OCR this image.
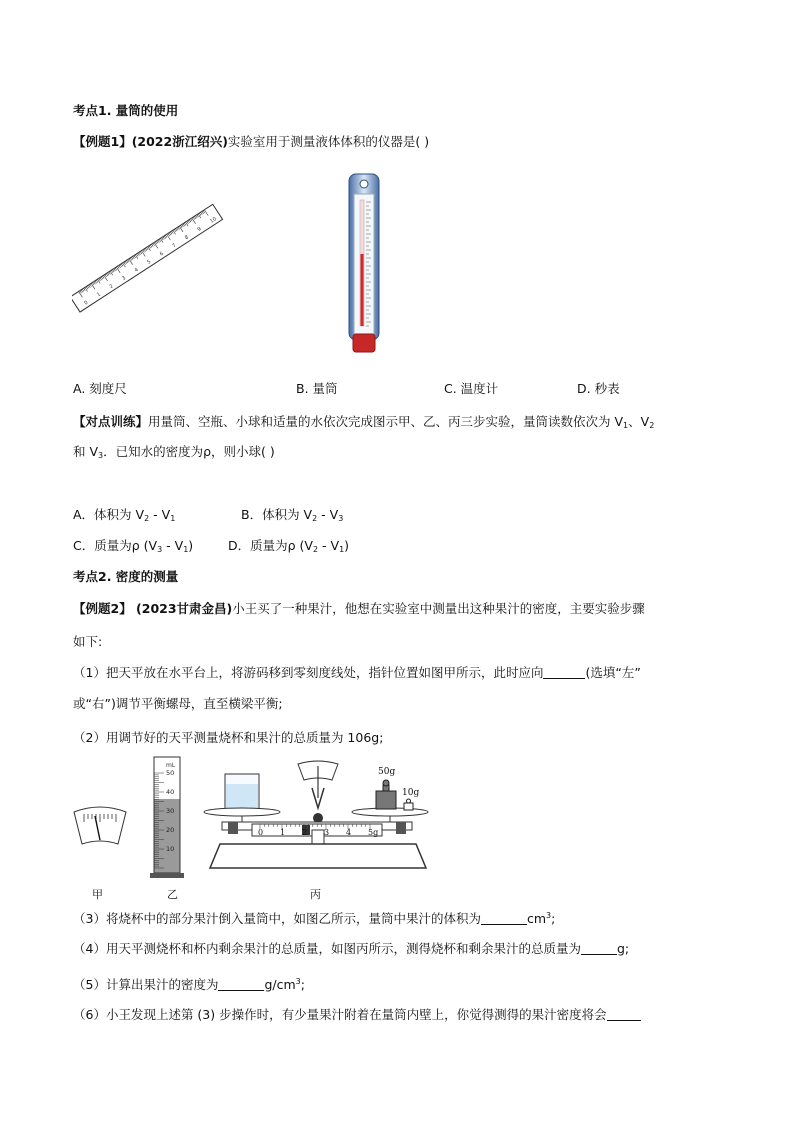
考点1. 量筒的使用
【例题1】(2022浙江绍兴)实验室用于测量液体体积的仪器是( )
0
1
2
3
4
5
6
7
8
9
10
A. 刻度尺	B. 量筒	C. 温度计	D. 秒表
【对点训练】用量筒、空瓶、小球和适量的水依次完成图示甲、乙、丙三步实验，量筒读数依次为 $V_1$、$V_2$
和 $V_3$．已知水的密度为ρ，则小球( )
A．体积为 $V_2 - V_1$	B．体积为 $V_2 - V_3$
C．质量为ρ $(V_3 - V_1)$	D．质量为ρ $(V_2 - V_1)$
考点2. 密度的测量
【例题2】 (2023甘肃金昌)小王买了一种果汁，他想在实验室中测量出这种果汁的密度，主要实验步骤
如下:
（1）把天平放在水平台上，将游码移到零刻度线处，指针位置如图甲所示，此时应向	(选填“左”
或“右”)调节平衡螺母，直至横梁平衡;
（2）用调节好的天平测量烧杯和果汁的总质量为 106g;
mL
50
40
30
20
10
50g
10g
0 1 2 3 4 5g
甲	乙	丙
（3）将烧杯中的部分果汁倒入量筒中，如图乙所示，量筒中果汁的体积为	$cm^3$;
（4）用天平测烧杯和杯内剩余果汁的总质量，如图丙所示，测得烧杯和剩余果汁的总质量为	g;
（5）计算出果汁的密度为	$g/cm^3$;
（6）小王发现上述第 (3) 步操作时，有少量果汁附着在量筒内壁上，你觉得测得的果汁密度将会
